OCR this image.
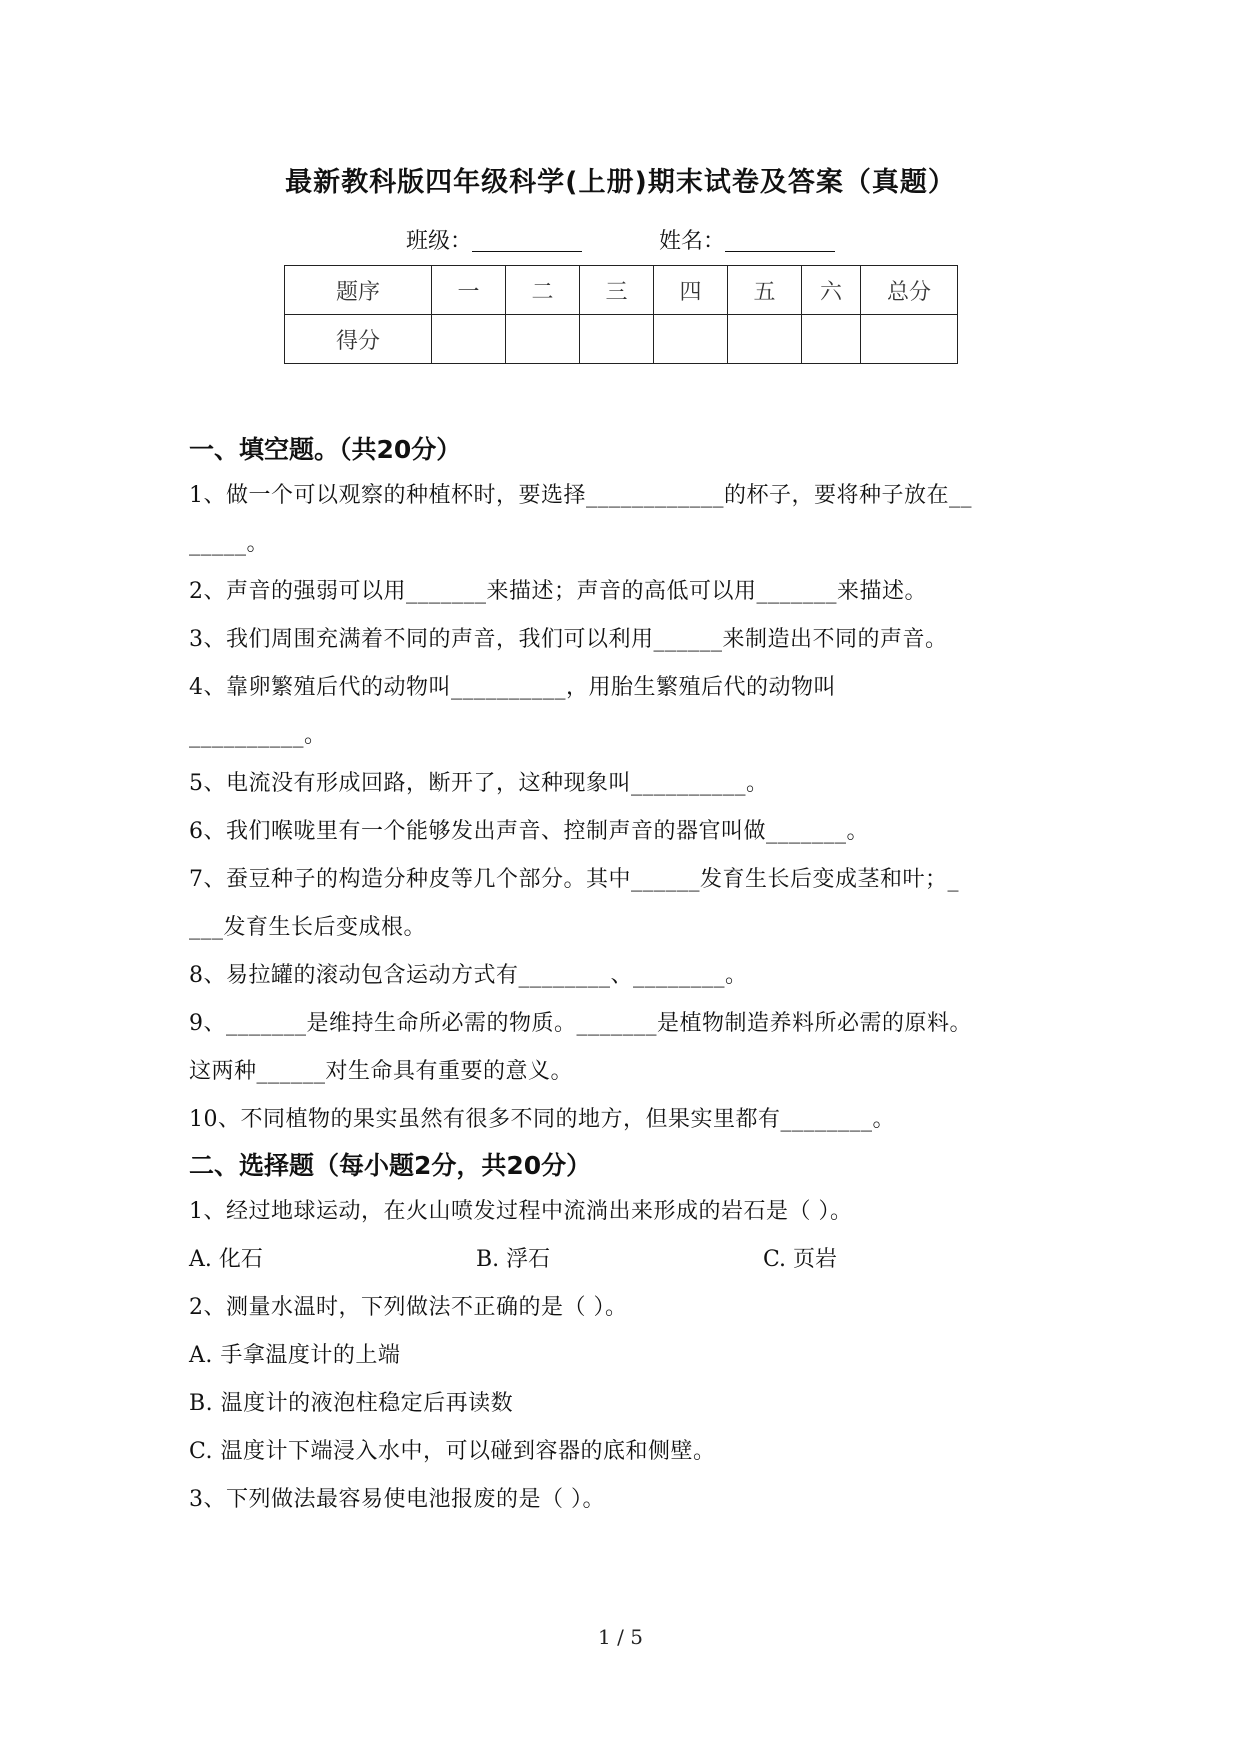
最新教科版四年级科学(上册)期末试卷及答案（真题）
班级：	姓名：
题序	一	二	三	四	五	六	总分
得分							
一、填空题。（共20分）
1、做一个可以观察的种植杯时，要选择____________的杯子，要将种子放在__
_____。
2、声音的强弱可以用_______来描述；声音的高低可以用_______来描述。
3、我们周围充满着不同的声音，我们可以利用______来制造出不同的声音。
4、靠卵繁殖后代的动物叫__________，用胎生繁殖后代的动物叫
__________。
5、电流没有形成回路，断开了，这种现象叫__________。
6、我们喉咙里有一个能够发出声音、控制声音的器官叫做_______。
7、蚕豆种子的构造分种皮等几个部分。其中______发育生长后变成茎和叶；_
___发育生长后变成根。
8、易拉罐的滚动包含运动方式有________、________。
9、_______是维持生命所必需的物质。_______是植物制造养料所必需的原料。
这两种______对生命具有重要的意义。
10、不同植物的果实虽然有很多不同的地方，但果实里都有________。
二、选择题（每小题2分，共20分）
1、经过地球运动，在火山喷发过程中流淌出来形成的岩石是（ ）。
A. 化石	B. 浮石	C. 页岩
2、测量水温时，下列做法不正确的是（ ）。
A. 手拿温度计的上端
B. 温度计的液泡柱稳定后再读数
C. 温度计下端浸入水中，可以碰到容器的底和侧壁。
3、下列做法最容易使电池报废的是（ ）。
1 / 5
